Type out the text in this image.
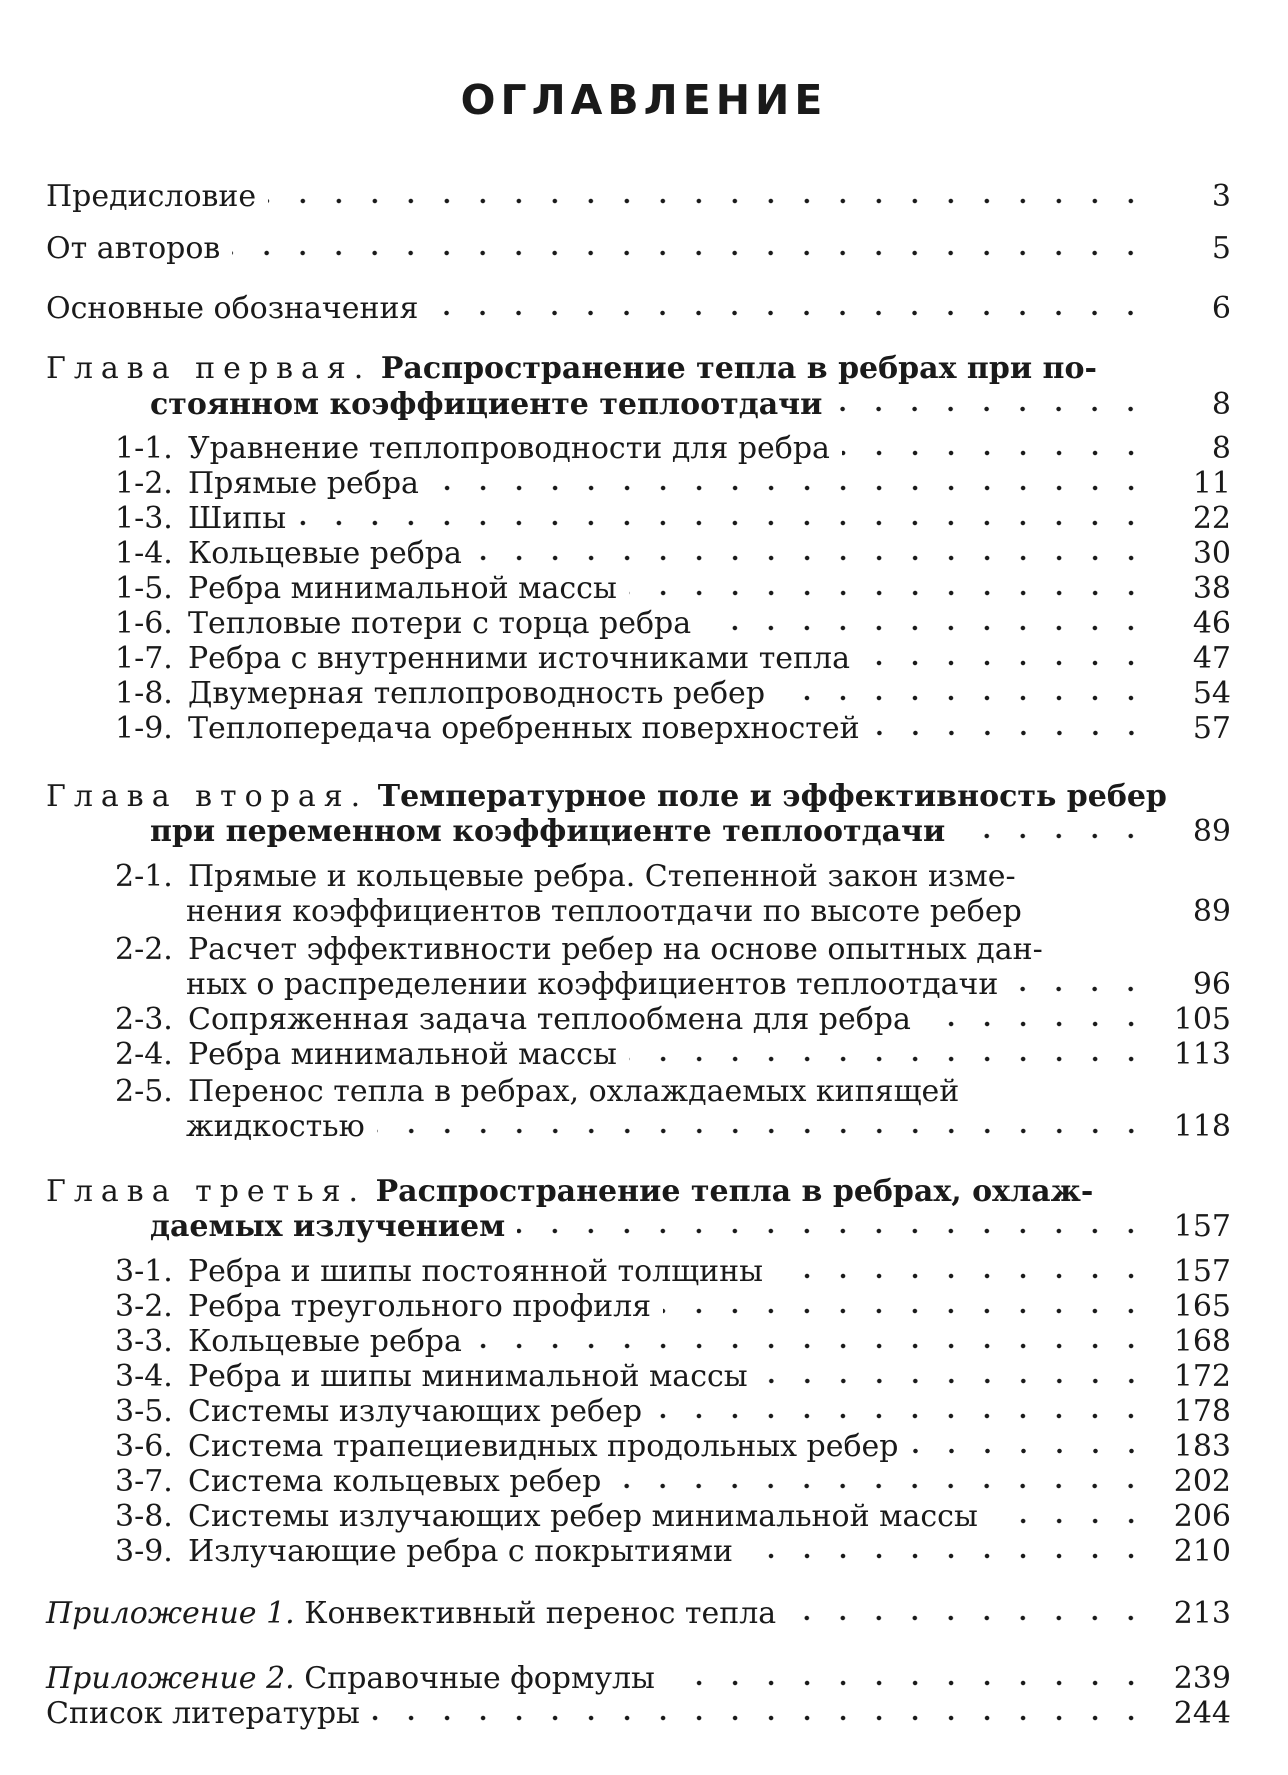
ОГЛАВЛЕНИЕ
Предисловие	3
От авторов	5
Основные обозначения	6
Глава первая. Распространение тепла в ребрах при по-
стоянном коэффициенте теплоотдачи	8
1-1. Уравнение теплопроводности для ребра	8
1-2. Прямые ребра	11
1-3. Шипы	22
1-4. Кольцевые ребра	30
1-5. Ребра минимальной массы	38
1-6. Тепловые потери с торца ребра	46
1-7. Ребра с внутренними источниками тепла	47
1-8. Двумерная теплопроводность ребер	54
1-9. Теплопередача оребренных поверхностей	57
Глава вторая. Температурное поле и эффективность ребер
при переменном коэффициенте теплоотдачи	89
2-1. Прямые и кольцевые ребра. Степенной закон изме-
нения коэффициентов теплоотдачи по высоте ребер	89
2-2. Расчет эффективности ребер на основе опытных дан-
ных о распределении коэффициентов теплоотдачи	96
2-3. Сопряженная задача теплообмена для ребра	105
2-4. Ребра минимальной массы	113
2-5. Перенос тепла в ребрах, охлаждаемых кипящей
жидкостью	118
Глава третья. Распространение тепла в ребрах, охлаж-
даемых излучением	157
3-1. Ребра и шипы постоянной толщины	157
3-2. Ребра треугольного профиля	165
3-3. Кольцевые ребра	168
3-4. Ребра и шипы минимальной массы	172
3-5. Системы излучающих ребер	178
3-6. Система трапециевидных продольных ребер	183
3-7. Система кольцевых ребер	202
3-8. Системы излучающих ребер минимальной массы	206
3-9. Излучающие ребра с покрытиями	210
Приложение 1. Конвективный перенос тепла	213
Приложение 2. Справочные формулы	239
Список литературы	244
